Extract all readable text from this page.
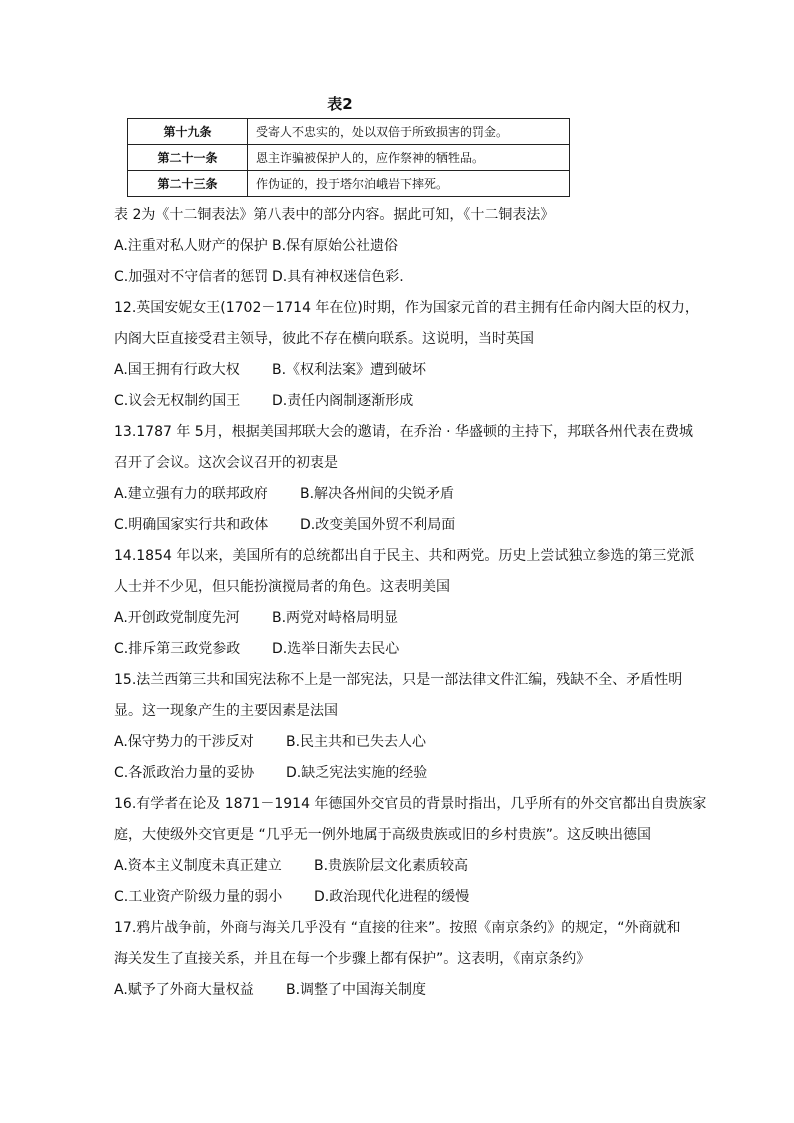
表2
第十九条	受寄人不忠实的，处以双倍于所致损害的罚金。
第二十一条	恩主诈骗被保护人的，应作祭神的牺牲品。
第二十三条	作伪证的，投于塔尔泊峨岩下摔死。
表 2为《十二铜表法》第八表中的部分内容。据此可知，《十二铜表法》
A.注重对私人财产的保护 B.保有原始公社遗俗
C.加强对不守信者的惩罚 D.具有神权迷信色彩.
12.英国安妮女王(1702－1714 年在位)时期，作为国家元首的君主拥有任命内阁大臣的权力，
内阁大臣直接受君主领导，彼此不存在横向联系。这说明，当时英国
A.国王拥有行政大权 B.《权利法案》遭到破坏
C.议会无权制约国王 D.责任内阁制逐渐形成
13.1787 年 5月，根据美国邦联大会的邀请，在乔治 · 华盛顿的主持下，邦联各州代表在费城
召开了会议。这次会议召开的初衷是
A.建立强有力的联邦政府 B.解决各州间的尖锐矛盾
C.明确国家实行共和政体 D.改变美国外贸不利局面
14.1854 年以来，美国所有的总统都出自于民主、共和两党。历史上尝试独立参选的第三党派
人士并不少见，但只能扮演搅局者的角色。这表明美国
A.开创政党制度先河 B.两党对峙格局明显
C.排斥第三政党参政 D.选举日渐失去民心
15.法兰西第三共和国宪法称不上是一部宪法，只是一部法律文件汇编，残缺不全、矛盾性明
显。这一现象产生的主要因素是法国
A.保守势力的干涉反对 B.民主共和已失去人心
C.各派政治力量的妥协 D.缺乏宪法实施的经验
16.有学者在论及 1871－1914 年德国外交官员的背景时指出，几乎所有的外交官都出自贵族家
庭，大使级外交官更是 “几乎无一例外地属于高级贵族或旧的乡村贵族”。这反映出德国
A.资本主义制度未真正建立 B.贵族阶层文化素质较高
C.工业资产阶级力量的弱小 D.政治现代化进程的缓慢
17.鸦片战争前，外商与海关几乎没有 “直接的往来”。按照《南京条约》的规定，“外商就和
海关发生了直接关系，并且在每一个步骤上都有保护”。这表明，《南京条约》
A.赋予了外商大量权益 B.调整了中国海关制度
